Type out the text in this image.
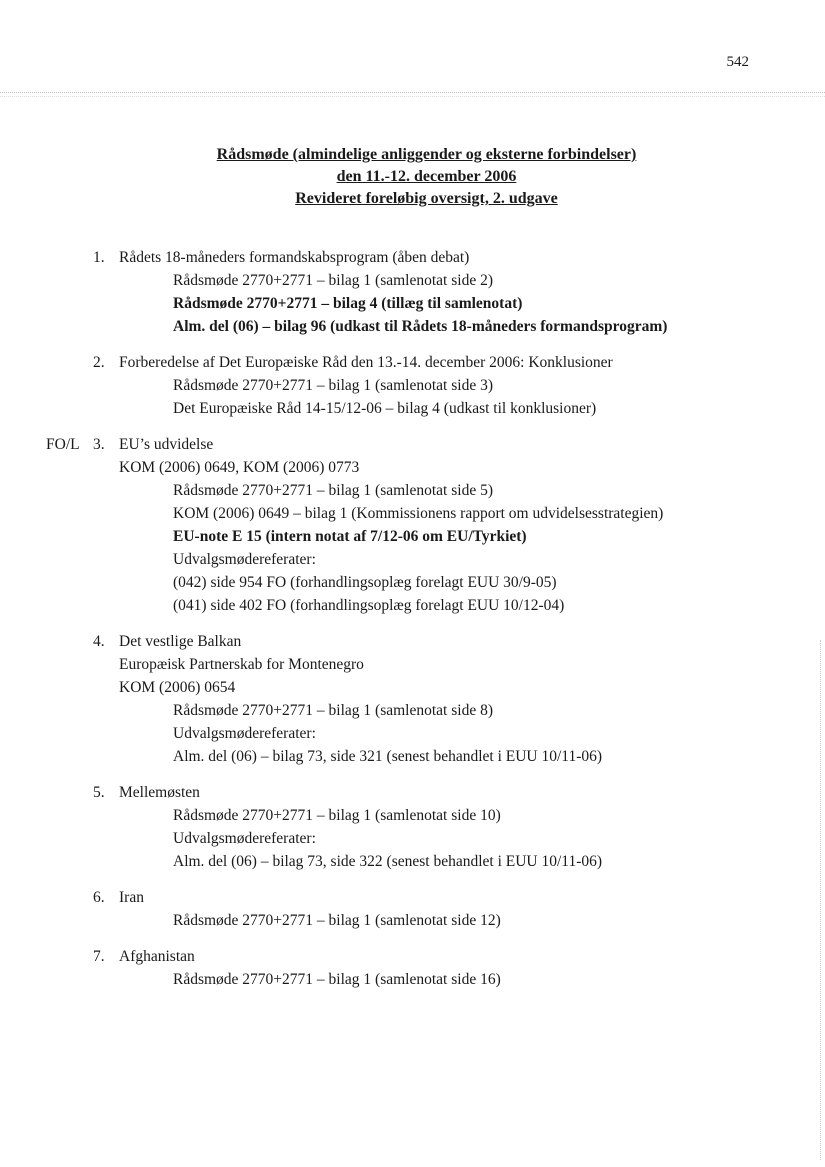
542
Rådsmøde (almindelige anliggender og eksterne forbindelser)
den 11.-12. december 2006
Revideret foreløbig oversigt, 2. udgave
1. Rådets 18-måneders formandskabsprogram (åben debat)
Rådsmøde 2770+2771 – bilag 1 (samlenotat side 2)
Rådsmøde 2770+2771 – bilag 4 (tillæg til samlenotat)
Alm. del (06) – bilag 96 (udkast til Rådets 18-måneders formandsprogram)
2. Forberedelse af Det Europæiske Råd den 13.-14. december 2006: Konklusioner
Rådsmøde 2770+2771 – bilag 1 (samlenotat side 3)
Det Europæiske Råd 14-15/12-06 – bilag 4 (udkast til konklusioner)
FO/L 3. EU’s udvidelse
KOM (2006) 0649, KOM (2006) 0773
Rådsmøde 2770+2771 – bilag 1 (samlenotat side 5)
KOM (2006) 0649 – bilag 1 (Kommissionens rapport om udvidelsesstrategien)
EU-note E 15 (intern notat af 7/12-06 om EU/Tyrkiet)
Udvalgsmødereferater:
(042) side 954 FO (forhandlingsoplæg forelagt EUU 30/9-05)
(041) side 402 FO (forhandlingsoplæg forelagt EUU 10/12-04)
4. Det vestlige Balkan
Europæisk Partnerskab for Montenegro
KOM (2006) 0654
Rådsmøde 2770+2771 – bilag 1 (samlenotat side 8)
Udvalgsmødereferater:
Alm. del (06) – bilag 73, side 321 (senest behandlet i EUU 10/11-06)
5. Mellemøsten
Rådsmøde 2770+2771 – bilag 1 (samlenotat side 10)
Udvalgsmødereferater:
Alm. del (06) – bilag 73, side 322 (senest behandlet i EUU 10/11-06)
6. Iran
Rådsmøde 2770+2771 – bilag 1 (samlenotat side 12)
7. Afghanistan
Rådsmøde 2770+2771 – bilag 1 (samlenotat side 16)
